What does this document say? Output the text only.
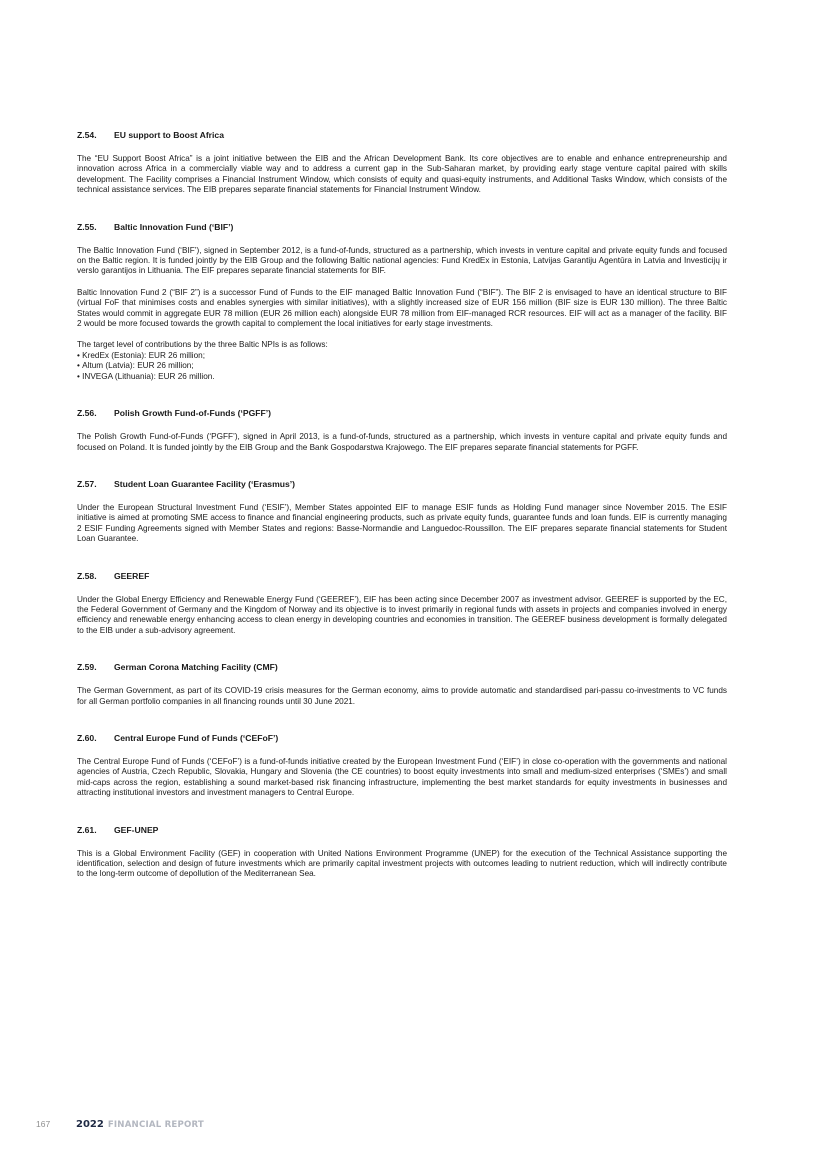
Z.54. EU support to Boost Africa

The “EU Support Boost Africa” is a joint initiative between the EIB and the African Development Bank. Its core objectives are to enable and enhance entrepreneurship and innovation across Africa in a commercially viable way and to address a current gap in the Sub-Saharan market, by providing early stage venture capital paired with skills development. The Facility comprises a Financial Instrument Window, which consists of equity and quasi-equity instruments, and Additional Tasks Window, which consists of the technical assistance services. The EIB prepares separate financial statements for Financial Instrument Window.

Z.55. Baltic Innovation Fund (‘BIF’)

The Baltic Innovation Fund (‘BIF’), signed in September 2012, is a fund-of-funds, structured as a partnership, which invests in venture capital and private equity funds and focused on the Baltic region. It is funded jointly by the EIB Group and the following Baltic national agencies: Fund KredEx in Estonia, Latvijas Garantiju Agentūra in Latvia and Investicijų ir verslo garantijos in Lithuania. The EIF prepares separate financial statements for BIF.

Baltic Innovation Fund 2 (“BIF 2”) is a successor Fund of Funds to the EIF managed Baltic Innovation Fund (“BIF”). The BIF 2 is envisaged to have an identical structure to BIF (virtual FoF that minimises costs and enables synergies with similar initiatives), with a slightly increased size of EUR 156 million (BIF size is EUR 130 million). The three Baltic States would commit in aggregate EUR 78 million (EUR 26 million each) alongside EUR 78 million from EIF-managed RCR resources. EIF will act as a manager of the facility. BIF 2 would be more focused towards the growth capital to complement the local initiatives for early stage investments.

The target level of contributions by the three Baltic NPIs is as follows:

• KredEx (Estonia): EUR 26 million;
• Altum (Latvia): EUR 26 million;
• INVEGA (Lithuania): EUR 26 million.
Z.56. Polish Growth Fund-of-Funds (‘PGFF’)

The Polish Growth Fund-of-Funds (‘PGFF’), signed in April 2013, is a fund-of-funds, structured as a partnership, which invests in venture capital and private equity funds and focused on Poland. It is funded jointly by the EIB Group and the Bank Gospodarstwa Krajowego. The EIF prepares separate financial statements for PGFF.

Z.57. Student Loan Guarantee Facility (‘Erasmus’)

Under the European Structural Investment Fund (‘ESIF’), Member States appointed EIF to manage ESIF funds as Holding Fund manager since November 2015. The ESIF initiative is aimed at promoting SME access to finance and financial engineering products, such as private equity funds, guarantee funds and loan funds. EIF is currently managing 2 ESIF Funding Agreements signed with Member States and regions: Basse-Normandie and Languedoc-Roussillon. The EIF prepares separate financial statements for Student Loan Guarantee.

Z.58. GEEREF

Under the Global Energy Efficiency and Renewable Energy Fund (‘GEEREF’), EIF has been acting since December 2007 as investment advisor. GEEREF is supported by the EC, the Federal Government of Germany and the Kingdom of Norway and its objective is to invest primarily in regional funds with assets in projects and companies involved in energy efficiency and renewable energy enhancing access to clean energy in developing countries and economies in transition. The GEEREF business development is formally delegated to the EIB under a sub-advisory agreement.

Z.59. German Corona Matching Facility (CMF)

The German Government, as part of its COVID-19 crisis measures for the German economy, aims to provide automatic and standardised pari-passu co-investments to VC funds for all German portfolio companies in all financing rounds until 30 June 2021.

Z.60. Central Europe Fund of Funds (‘CEFoF’)

The Central Europe Fund of Funds (‘CEFoF’) is a fund-of-funds initiative created by the European Investment Fund (‘EIF’) in close co-operation with the governments and national agencies of Austria, Czech Republic, Slovakia, Hungary and Slovenia (the CE countries) to boost equity investments into small and medium-sized enterprises (‘SMEs’) and small mid-caps across the region, establishing a sound market-based risk financing infrastructure, implementing the best market standards for equity investments in businesses and attracting institutional investors and investment managers to Central Europe.

Z.61. GEF-UNEP

This is a Global Environment Facility (GEF) in cooperation with United Nations Environment Programme (UNEP) for the execution of the Technical Assistance supporting the identification, selection and design of future investments which are primarily capital investment projects with outcomes leading to nutrient reduction, which will indirectly contribute to the long-term outcome of depollution of the Mediterranean Sea.

167	2022 FINANCIAL REPORT
